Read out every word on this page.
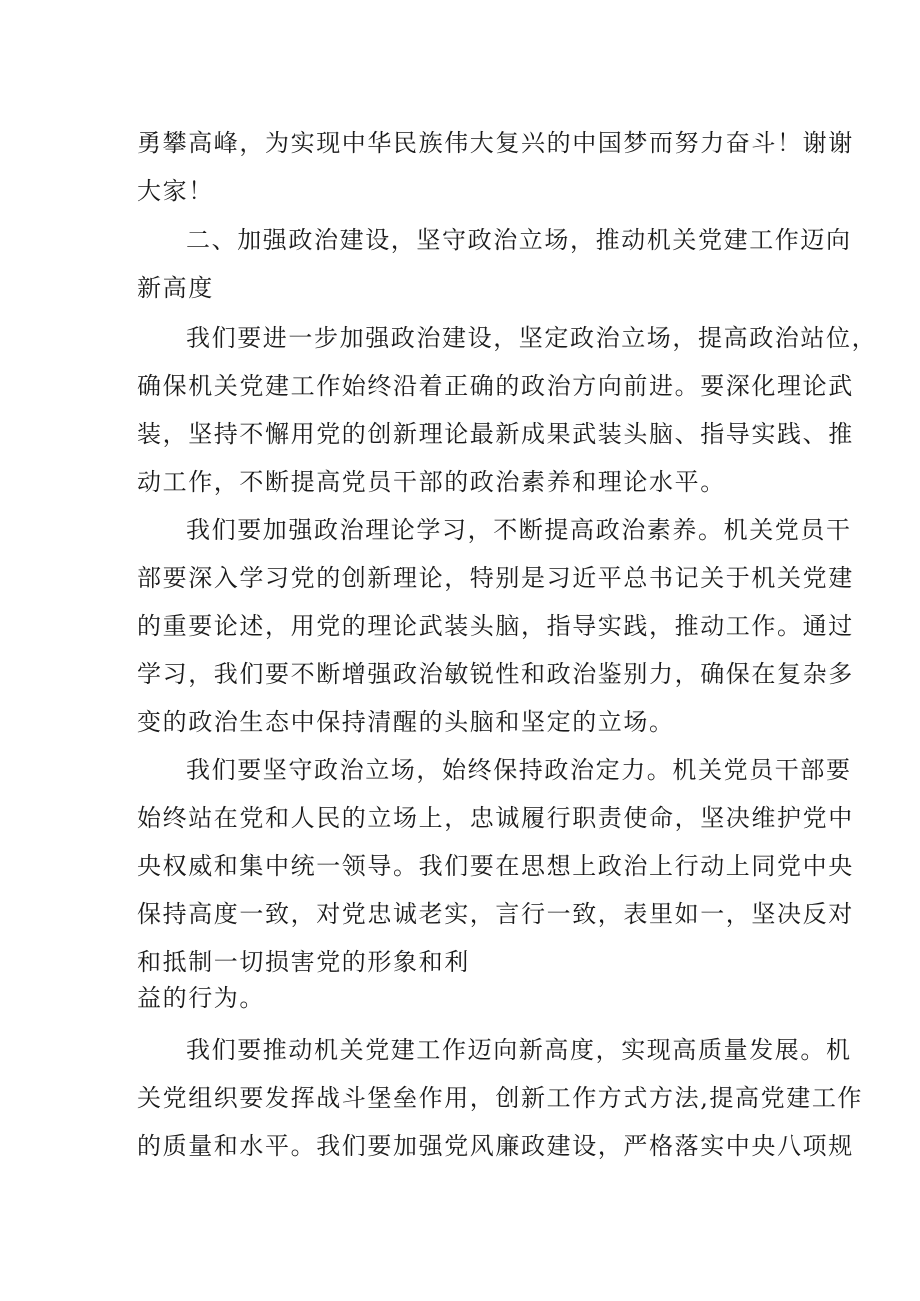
勇攀高峰，为实现中华民族伟大复兴的中国梦而努力奋斗！谢谢
大家！
二、加强政治建设，坚守政治立场，推动机关党建工作迈向
新高度
我们要进一步加强政治建设，坚定政治立场，提高政治站位，
确保机关党建工作始终沿着正确的政治方向前进。要深化理论武
装，坚持不懈用党的创新理论最新成果武装头脑、指导实践、推
动工作，不断提高党员干部的政治素养和理论水平。
我们要加强政治理论学习，不断提高政治素养。机关党员干
部要深入学习党的创新理论，特别是习近平总书记关于机关党建
的重要论述，用党的理论武装头脑，指导实践，推动工作。通过
学习，我们要不断增强政治敏锐性和政治鉴别力，确保在复杂多
变的政治生态中保持清醒的头脑和坚定的立场。
我们要坚守政治立场，始终保持政治定力。机关党员干部要
始终站在党和人民的立场上，忠诚履行职责使命，坚决维护党中
央权威和集中统一领导。我们要在思想上政治上行动上同党中央
保持高度一致，对党忠诚老实，言行一致，表里如一，坚决反对
和抵制一切损害党的形象和利
益的行为。
我们要推动机关党建工作迈向新高度，实现高质量发展。机
关党组织要发挥战斗堡垒作用，创新工作方式方法,提高党建工作
的质量和水平。我们要加强党风廉政建设，严格落实中央八项规
